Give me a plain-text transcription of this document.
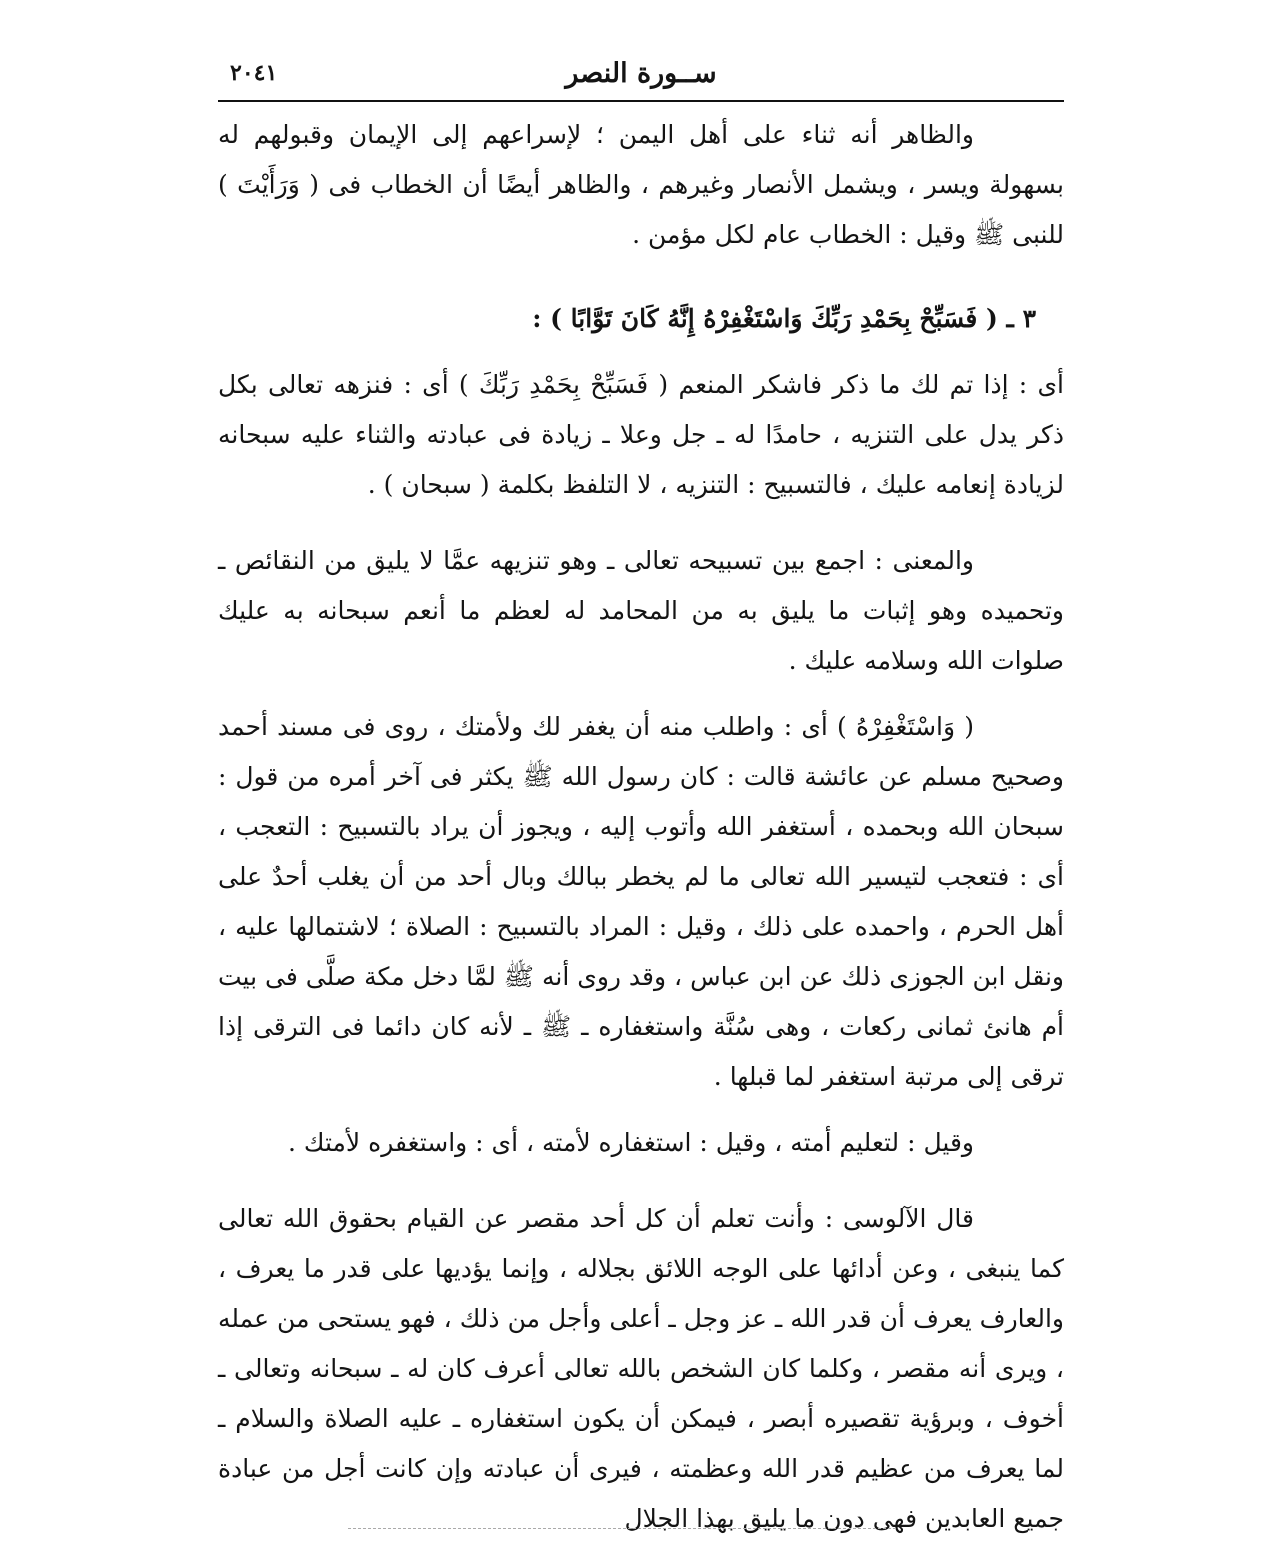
ســورة النصر
٢٠٤١

والظاهر أنه ثناء على أهل اليمن ؛ لإسراعهم إلى الإيمان وقبولهم له بسهولة ويسر ، ويشمل الأنصار وغيرهم ، والظاهر أيضًا أن الخطاب فى ( وَرَأَيْتَ ) للنبى ﷺ وقيل : الخطاب عام لكل مؤمن .

٣ ـ ( فَسَبِّحْ بِحَمْدِ رَبِّكَ وَاسْتَغْفِرْهُ إِنَّهُ كَانَ تَوَّابًا ) :

أى : إذا تم لك ما ذكر فاشكر المنعم ( فَسَبِّحْ بِحَمْدِ رَبِّكَ ) أى : فنزهه تعالى بكل ذكر يدل على التنزيه ، حامدًا له ـ جل وعلا ـ زيادة فى عبادته والثناء عليه سبحانه لزيادة إنعامه عليك ، فالتسبيح : التنزيه ، لا التلفظ بكلمة ( سبحان ) .

والمعنى : اجمع بين تسبيحه تعالى ـ وهو تنزيهه عمَّا لا يليق من النقائص ـ وتحميده وهو إثبات ما يليق به من المحامد له لعظم ما أنعم سبحانه به عليك صلوات الله وسلامه عليك .

( وَاسْتَغْفِرْهُ ) أى : واطلب منه أن يغفر لك ولأمتك ، روى فى مسند أحمد وصحيح مسلم عن عائشة قالت : كان رسول الله ﷺ يكثر فى آخر أمره من قول : سبحان الله وبحمده ، أستغفر الله وأتوب إليه ، ويجوز أن يراد بالتسبيح : التعجب ، أى : فتعجب لتيسير الله تعالى ما لم يخطر ببالك وبال أحد من أن يغلب أحدٌ على أهل الحرم ، واحمده على ذلك ، وقيل : المراد بالتسبيح : الصلاة ؛ لاشتمالها عليه ، ونقل ابن الجوزى ذلك عن ابن عباس ، وقد روى أنه ﷺ لمَّا دخل مكة صلَّى فى بيت أم هانئ ثمانى ركعات ، وهى سُنَّة واستغفاره ـ ﷺ ـ لأنه كان دائما فى الترقى إذا ترقى إلى مرتبة استغفر لما قبلها .

وقيل : لتعليم أمته ، وقيل : استغفاره لأمته ، أى : واستغفره لأمتك .

قال الآلوسى : وأنت تعلم أن كل أحد مقصر عن القيام بحقوق الله تعالى كما ينبغى ، وعن أدائها على الوجه اللائق بجلاله ، وإنما يؤديها على قدر ما يعرف ، والعارف يعرف أن قدر الله ـ عز وجل ـ أعلى وأجل من ذلك ، فهو يستحى من عمله ، ويرى أنه مقصر ، وكلما كان الشخص بالله تعالى أعرف كان له ـ سبحانه وتعالى ـ أخوف ، وبرؤية تقصيره أبصر ، فيمكن أن يكون استغفاره ـ عليه الصلاة والسلام ـ لما يعرف من عظيم قدر الله وعظمته ، فيرى أن عبادته وإن كانت أجل من عبادة جميع العابدين فهى دون ما يليق بهذا الجلال
